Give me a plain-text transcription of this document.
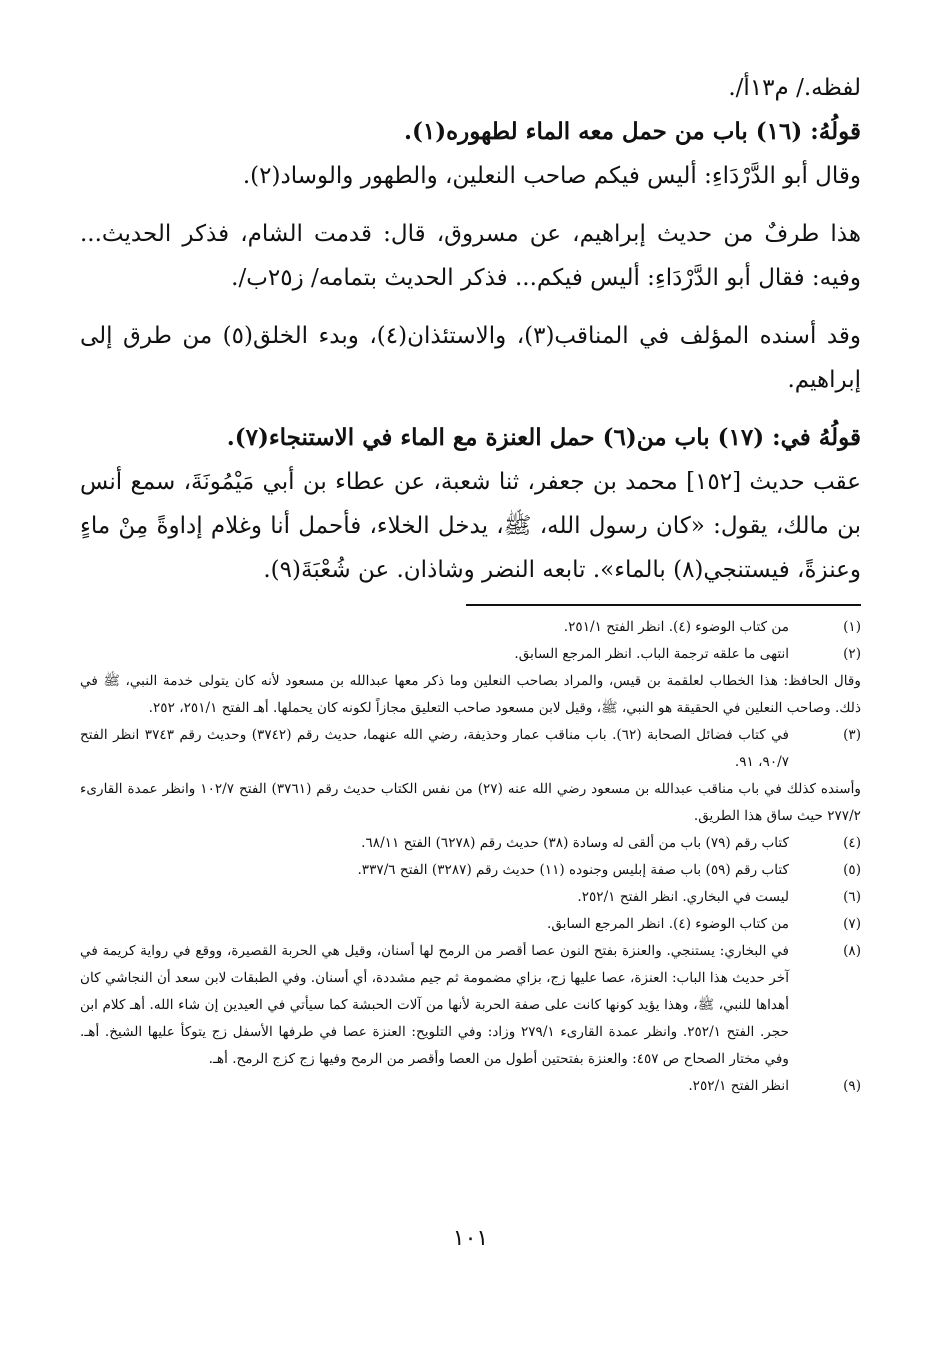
لفظه./ م١٣أ/.

قولُهُ: (١٦) باب من حمل معه الماء لطهوره(١).

وقال أبو الدَّرْدَاءِ: أليس فيكم صاحب النعلين، والطهور والوساد(٢).

هذا طرفٌ من حديث إبراهيم، عن مسروق، قال: قدمت الشام، فذكر الحديث... وفيه: فقال أبو الدَّرْدَاءِ: أليس فيكم... فذكر الحديث بتمامه/ ز٢٥ب/.

وقد أسنده المؤلف في المناقب(٣)، والاستئذان(٤)، وبدء الخلق(٥) من طرق إلى إبراهيم.

قولُهُ في: (١٧) باب من(٦) حمل العنزة مع الماء في الاستنجاء(٧).

عقب حديث [١٥٢] محمد بن جعفر، ثنا شعبة، عن عطاء بن أبي مَيْمُونَةَ، سمع أنس بن مالك، يقول: «كان رسول الله، ﷺ، يدخل الخلاء، فأحمل أنا وغلام إداوةً مِنْ ماءٍ وعنزةً، فيستنجي(٨) بالماء». تابعه النضر وشاذان. عن شُعْبَةَ(٩).

(١)
من كتاب الوضوء (٤). انظر الفتح ٢٥١/١.
(٢)
انتهى ما علقه ترجمة الباب. انظر المرجع السابق.
وقال الحافظ: هذا الخطاب لعلقمة بن قيس، والمراد بصاحب النعلين وما ذكر معها عبدالله بن مسعود لأنه كان يتولى خدمة النبي، ﷺ في ذلك. وصاحب النعلين في الحقيقة هو النبي، ﷺ، وقيل لابن مسعود صاحب التعليق مجازاً لكونه كان يحملها. أهـ الفتح ٢٥١/١، ٢٥٢.
(٣)
في كتاب فضائل الصحابة (٦٢). باب مناقب عمار وحذيفة، رضي الله عنهما، حديث رقم (٣٧٤٢) وحديث رقم ٣٧٤٣ انظر الفتح ٩٠/٧، ٩١.
وأسنده كذلك في باب مناقب عبدالله بن مسعود رضي الله عنه (٢٧) من نفس الكتاب حديث رقم (٣٧٦١) الفتح ١٠٢/٧ وانظر عمدة القارىء ٢٧٧/٢ حيث ساق هذا الطريق.
(٤)
كتاب رقم (٧٩) باب من ألقى له وسادة (٣٨) حديث رقم (٦٢٧٨) الفتح ٦٨/١١.
(٥)
كتاب رقم (٥٩) باب صفة إبليس وجنوده (١١) حديث رقم (٣٢٨٧) الفتح ٣٣٧/٦.
(٦)
ليست في البخاري. انظر الفتح ٢٥٢/١.
(٧)
من كتاب الوضوء (٤). انظر المرجع السابق.
(٨)
في البخاري: يستنجي. والعنزة بفتح النون عصا أقصر من الرمح لها أسنان، وقيل هي الحربة القصيرة، ووقع في رواية كريمة في آخر حديث هذا الباب: العنزة، عصا عليها زج، بزاي مضمومة ثم جيم مشددة، أي أسنان. وفي الطبقات لابن سعد أن النجاشي كان أهداها للنبي، ﷺ، وهذا يؤيد كونها كانت على صفة الحربة لأنها من آلات الحبشة كما سيأتي في العيدين إن شاء الله. أهـ كلام ابن حجر. الفتح ٢٥٢/١. وانظر عمدة القارىء ٢٧٩/١ وزاد: وفي التلويح: العنزة عصا في طرفها الأسفل زج يتوكأ عليها الشيخ. أهـ. وفي مختار الصحاح ص ٤٥٧: والعنزة بفتحتين أطول من العصا وأقصر من الرمح وفيها زج كزج الرمح. أهـ.
(٩)
انظر الفتح ٢٥٢/١.
١٠١
